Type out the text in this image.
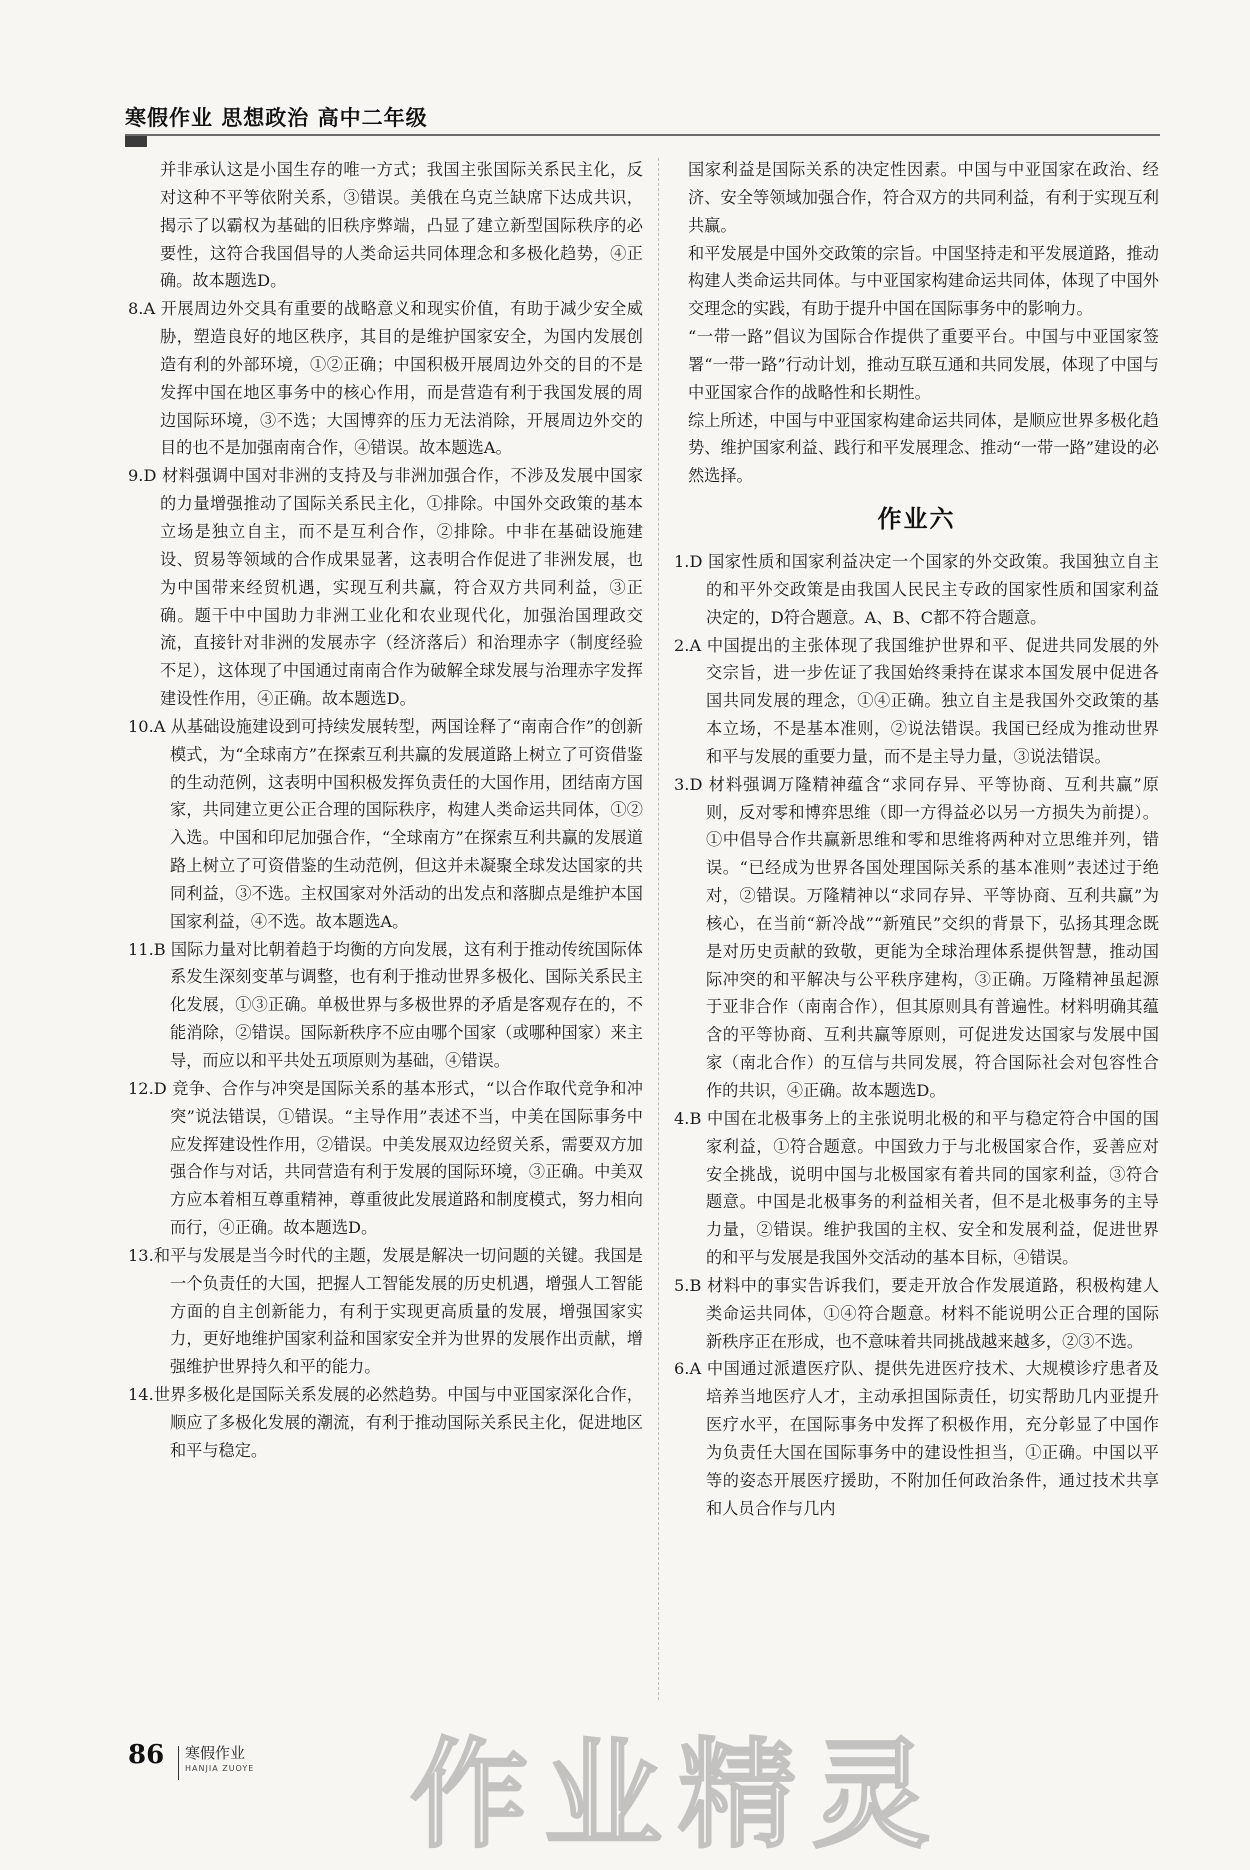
寒假作业 思想政治 高中二年级

并非承认这是小国生存的唯一方式；我国主张国际关系民主化，反对这种不平等依附关系，③错误。美俄在乌克兰缺席下达成共识，揭示了以霸权为基础的旧秩序弊端，凸显了建立新型国际秩序的必要性，这符合我国倡导的人类命运共同体理念和多极化趋势，④正确。故本题选D。

8.A 开展周边外交具有重要的战略意义和现实价值，有助于减少安全威胁，塑造良好的地区秩序，其目的是维护国家安全，为国内发展创造有利的外部环境，①②正确；中国积极开展周边外交的目的不是发挥中国在地区事务中的核心作用，而是营造有利于我国发展的周边国际环境，③不选；大国博弈的压力无法消除，开展周边外交的目的也不是加强南南合作，④错误。故本题选A。

9.D 材料强调中国对非洲的支持及与非洲加强合作，不涉及发展中国家的力量增强推动了国际关系民主化，①排除。中国外交政策的基本立场是独立自主，而不是互利合作，②排除。中非在基础设施建设、贸易等领域的合作成果显著，这表明合作促进了非洲发展，也为中国带来经贸机遇，实现互利共赢，符合双方共同利益，③正确。题干中中国助力非洲工业化和农业现代化，加强治国理政交流，直接针对非洲的发展赤字（经济落后）和治理赤字（制度经验不足），这体现了中国通过南南合作为破解全球发展与治理赤字发挥建设性作用，④正确。故本题选D。

10.A 从基础设施建设到可持续发展转型，两国诠释了“南南合作”的创新模式，为“全球南方”在探索互利共赢的发展道路上树立了可资借鉴的生动范例，这表明中国积极发挥负责任的大国作用，团结南方国家，共同建立更公正合理的国际秩序，构建人类命运共同体，①②入选。中国和印尼加强合作，“全球南方”在探索互利共赢的发展道路上树立了可资借鉴的生动范例，但这并未凝聚全球发达国家的共同利益，③不选。主权国家对外活动的出发点和落脚点是维护本国国家利益，④不选。故本题选A。

11.B 国际力量对比朝着趋于均衡的方向发展，这有利于推动传统国际体系发生深刻变革与调整，也有利于推动世界多极化、国际关系民主化发展，①③正确。单极世界与多极世界的矛盾是客观存在的，不能消除，②错误。国际新秩序不应由哪个国家（或哪种国家）来主导，而应以和平共处五项原则为基础，④错误。

12.D 竞争、合作与冲突是国际关系的基本形式，“以合作取代竞争和冲突”说法错误，①错误。“主导作用”表述不当，中美在国际事务中应发挥建设性作用，②错误。中美发展双边经贸关系，需要双方加强合作与对话，共同营造有利于发展的国际环境，③正确。中美双方应本着相互尊重精神，尊重彼此发展道路和制度模式，努力相向而行，④正确。故本题选D。

13.和平与发展是当今时代的主题，发展是解决一切问题的关键。我国是一个负责任的大国，把握人工智能发展的历史机遇，增强人工智能方面的自主创新能力，有利于实现更高质量的发展，增强国家实力，更好地维护国家利益和国家安全并为世界的发展作出贡献，增强维护世界持久和平的能力。

14.世界多极化是国际关系发展的必然趋势。中国与中亚国家深化合作，顺应了多极化发展的潮流，有利于推动国际关系民主化，促进地区和平与稳定。

国家利益是国际关系的决定性因素。中国与中亚国家在政治、经济、安全等领域加强合作，符合双方的共同利益，有利于实现互利共赢。

和平发展是中国外交政策的宗旨。中国坚持走和平发展道路，推动构建人类命运共同体。与中亚国家构建命运共同体，体现了中国外交理念的实践，有助于提升中国在国际事务中的影响力。

“一带一路”倡议为国际合作提供了重要平台。中国与中亚国家签署“一带一路”行动计划，推动互联互通和共同发展，体现了中国与中亚国家合作的战略性和长期性。

综上所述，中国与中亚国家构建命运共同体，是顺应世界多极化趋势、维护国家利益、践行和平发展理念、推动“一带一路”建设的必然选择。

作业六

1.D 国家性质和国家利益决定一个国家的外交政策。我国独立自主的和平外交政策是由我国人民民主专政的国家性质和国家利益决定的，D符合题意。A、B、C都不符合题意。

2.A 中国提出的主张体现了我国维护世界和平、促进共同发展的外交宗旨，进一步佐证了我国始终秉持在谋求本国发展中促进各国共同发展的理念，①④正确。独立自主是我国外交政策的基本立场，不是基本准则，②说法错误。我国已经成为推动世界和平与发展的重要力量，而不是主导力量，③说法错误。

3.D 材料强调万隆精神蕴含“求同存异、平等协商、互利共赢”原则，反对零和博弈思维（即一方得益必以另一方损失为前提）。①中倡导合作共赢新思维和零和思维将两种对立思维并列，错误。“已经成为世界各国处理国际关系的基本准则”表述过于绝对，②错误。万隆精神以“求同存异、平等协商、互利共赢”为核心，在当前“新冷战”“新殖民”交织的背景下，弘扬其理念既是对历史贡献的致敬，更能为全球治理体系提供智慧，推动国际冲突的和平解决与公平秩序建构，③正确。万隆精神虽起源于亚非合作（南南合作），但其原则具有普遍性。材料明确其蕴含的平等协商、互利共赢等原则，可促进发达国家与发展中国家（南北合作）的互信与共同发展，符合国际社会对包容性合作的共识，④正确。故本题选D。

4.B 中国在北极事务上的主张说明北极的和平与稳定符合中国的国家利益，①符合题意。中国致力于与北极国家合作，妥善应对安全挑战，说明中国与北极国家有着共同的国家利益，③符合题意。中国是北极事务的利益相关者，但不是北极事务的主导力量，②错误。维护我国的主权、安全和发展利益，促进世界的和平与发展是我国外交活动的基本目标，④错误。

5.B 材料中的事实告诉我们，要走开放合作发展道路，积极构建人类命运共同体，①④符合题意。材料不能说明公正合理的国际新秩序正在形成，也不意味着共同挑战越来越多，②③不选。

6.A 中国通过派遣医疗队、提供先进医疗技术、大规模诊疗患者及培养当地医疗人才，主动承担国际责任，切实帮助几内亚提升医疗水平，在国际事务中发挥了积极作用，充分彰显了中国作为负责任大国在国际事务中的建设性担当，①正确。中国以平等的姿态开展医疗援助，不附加任何政治条件，通过技术共享和人员合作与几内

86 寒假作业
HANJIA ZUOYE 作业精灵
